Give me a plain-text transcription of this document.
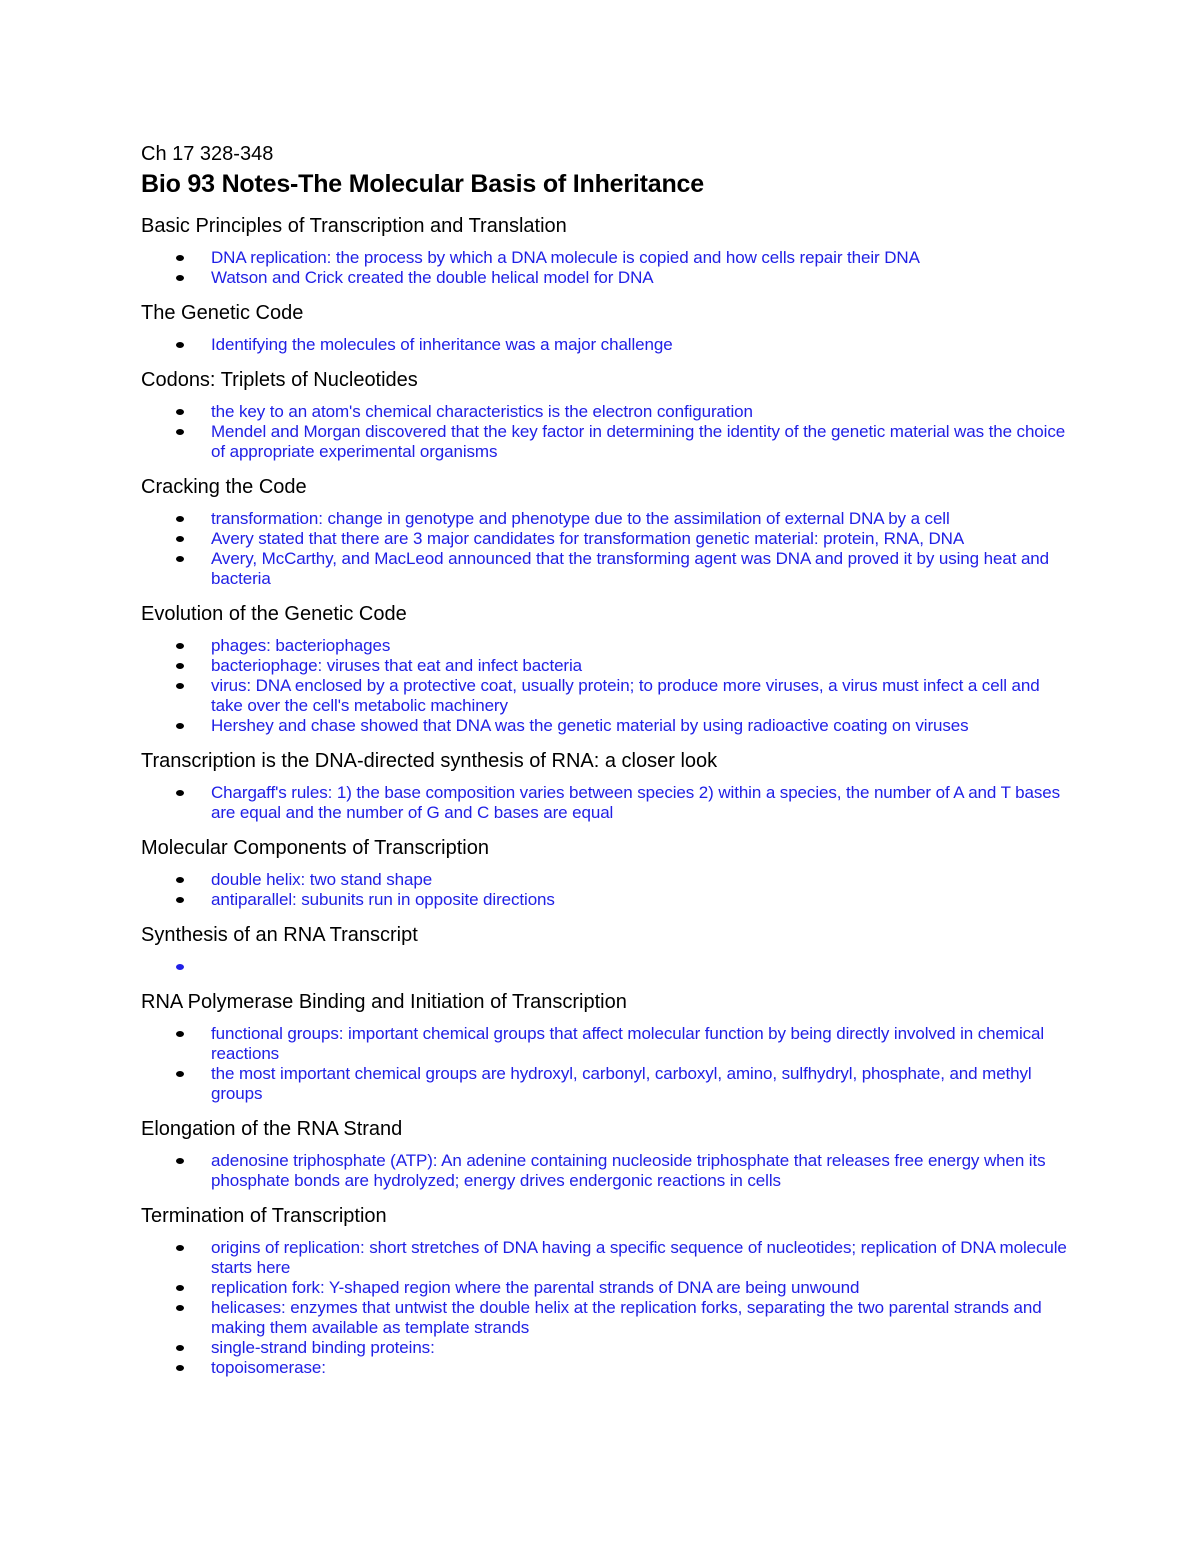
Ch 17 328-348

Bio 93 Notes-The Molecular Basis of Inheritance
Basic Principles of Transcription and Translation
DNA replication: the process by which a DNA molecule is copied and how cells repair their DNA
Watson and Crick created the double helical model for DNA
The Genetic Code
Identifying the molecules of inheritance was a major challenge
Codons: Triplets of Nucleotides
the key to an atom's chemical characteristics is the electron configuration
Mendel and Morgan discovered that the key factor in determining the identity of the genetic material was the choice of appropriate experimental organisms
Cracking the Code
transformation: change in genotype and phenotype due to the assimilation of external DNA by a cell
Avery stated that there are 3 major candidates for transformation genetic material: protein, RNA, DNA
Avery, McCarthy, and MacLeod announced that the transforming agent was DNA and proved it by using heat and bacteria
Evolution of the Genetic Code
phages: bacteriophages
bacteriophage: viruses that eat and infect bacteria
virus: DNA enclosed by a protective coat, usually protein; to produce more viruses, a virus must infect a cell and take over the cell's metabolic machinery
Hershey and chase showed that DNA was the genetic material by using radioactive coating on viruses
Transcription is the DNA-directed synthesis of RNA: a closer look
Chargaff's rules: 1) the base composition varies between species 2) within a species, the number of A and T bases are equal and the number of G and C bases are equal
Molecular Components of Transcription
double helix: two stand shape
antiparallel: subunits run in opposite directions
Synthesis of an RNA Transcript
RNA Polymerase Binding and Initiation of Transcription
functional groups: important chemical groups that affect molecular function by being directly involved in chemical reactions
the most important chemical groups are hydroxyl, carbonyl, carboxyl, amino, sulfhydryl, phosphate, and methyl groups
Elongation of the RNA Strand
adenosine triphosphate (ATP): An adenine containing nucleoside triphosphate that releases free energy when its phosphate bonds are hydrolyzed; energy drives endergonic reactions in cells
Termination of Transcription
origins of replication: short stretches of DNA having a specific sequence of nucleotides; replication of DNA molecule starts here
replication fork: Y-shaped region where the parental strands of DNA are being unwound
helicases: enzymes that untwist the double helix at the replication forks, separating the two parental strands and making them available as template strands
single-strand binding proteins:
topoisomerase:
